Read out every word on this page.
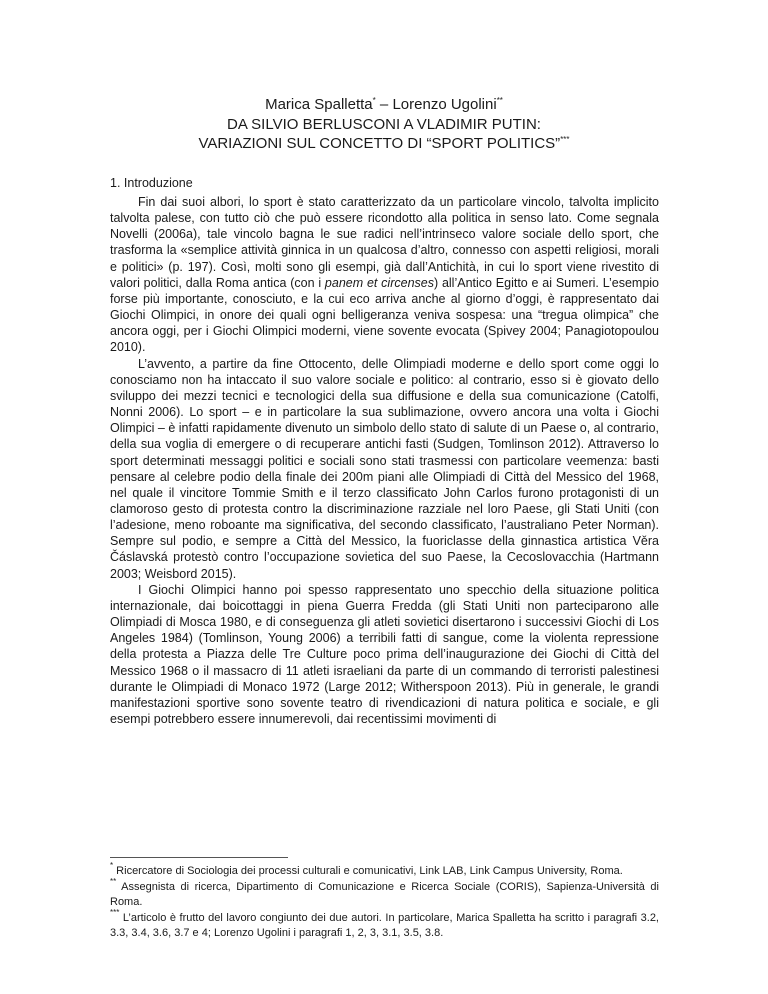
Marica Spalletta* – Lorenzo Ugolini**
DA SILVIO BERLUSCONI A VLADIMIR PUTIN:
VARIAZIONI SUL CONCETTO DI “SPORT POLITICS”***
1. Introduzione

Fin dai suoi albori, lo sport è stato caratterizzato da un particolare vincolo, talvolta implicito talvolta palese, con tutto ciò che può essere ricondotto alla politica in senso lato. Come segnala Novelli (2006a), tale vincolo bagna le sue radici nell’intrinseco valore sociale dello sport, che trasforma la «semplice attività ginnica in un qualcosa d’altro, connesso con aspetti religiosi, morali e politici» (p. 197). Così, molti sono gli esempi, già dall’Antichità, in cui lo sport viene rivestito di valori politici, dalla Roma antica (con i panem et circenses) all’Antico Egitto e ai Sumeri. L’esempio forse più importante, conosciuto, e la cui eco arriva anche al giorno d’oggi, è rappresentato dai Giochi Olimpici, in onore dei quali ogni belligeranza veniva sospesa: una “tregua olimpica” che ancora oggi, per i Giochi Olimpici moderni, viene sovente evocata (Spivey 2004; Panagiotopoulou 2010).

L’avvento, a partire da fine Ottocento, delle Olimpiadi moderne e dello sport come oggi lo conosciamo non ha intaccato il suo valore sociale e politico: al contrario, esso si è giovato dello sviluppo dei mezzi tecnici e tecnologici della sua diffusione e della sua comunicazione (Catolfi, Nonni 2006). Lo sport – e in particolare la sua sublimazione, ovvero ancora una volta i Giochi Olimpici – è infatti rapidamente divenuto un simbolo dello stato di salute di un Paese o, al contrario, della sua voglia di emergere o di recuperare antichi fasti (Sudgen, Tomlinson 2012). Attraverso lo sport determinati messaggi politici e sociali sono stati trasmessi con particolare veemenza: basti pensare al celebre podio della finale dei 200m piani alle Olimpiadi di Città del Messico del 1968, nel quale il vincitore Tommie Smith e il terzo classificato John Carlos furono protagonisti di un clamoroso gesto di protesta contro la discriminazione razziale nel loro Paese, gli Stati Uniti (con l’adesione, meno roboante ma significativa, del secondo classificato, l’australiano Peter Norman). Sempre sul podio, e sempre a Città del Messico, la fuoriclasse della ginnastica artistica Věra Čáslavská protestò contro l’occupazione sovietica del suo Paese, la Cecoslovacchia (Hartmann 2003; Weisbord 2015).

I Giochi Olimpici hanno poi spesso rappresentato uno specchio della situazione politica internazionale, dai boicottaggi in piena Guerra Fredda (gli Stati Uniti non parteciparono alle Olimpiadi di Mosca 1980, e di conseguenza gli atleti sovietici disertarono i successivi Giochi di Los Angeles 1984) (Tomlinson, Young 2006) a terribili fatti di sangue, come la violenta repressione della protesta a Piazza delle Tre Culture poco prima dell’inaugurazione dei Giochi di Città del Messico 1968 o il massacro di 11 atleti israeliani da parte di un commando di terroristi palestinesi durante le Olimpiadi di Monaco 1972 (Large 2012; Witherspoon 2013). Più in generale, le grandi manifestazioni sportive sono sovente teatro di rivendicazioni di natura politica e sociale, e gli esempi potrebbero essere innumerevoli, dai recentissimi movimenti di

* Ricercatore di Sociologia dei processi culturali e comunicativi, Link LAB, Link Campus University, Roma.

** Assegnista di ricerca, Dipartimento di Comunicazione e Ricerca Sociale (CORIS), Sapienza-Università di Roma.

*** L’articolo è frutto del lavoro congiunto dei due autori. In particolare, Marica Spalletta ha scritto i paragrafi 3.2, 3.3, 3.4, 3.6, 3.7 e 4; Lorenzo Ugolini i paragrafi 1, 2, 3, 3.1, 3.5, 3.8.
